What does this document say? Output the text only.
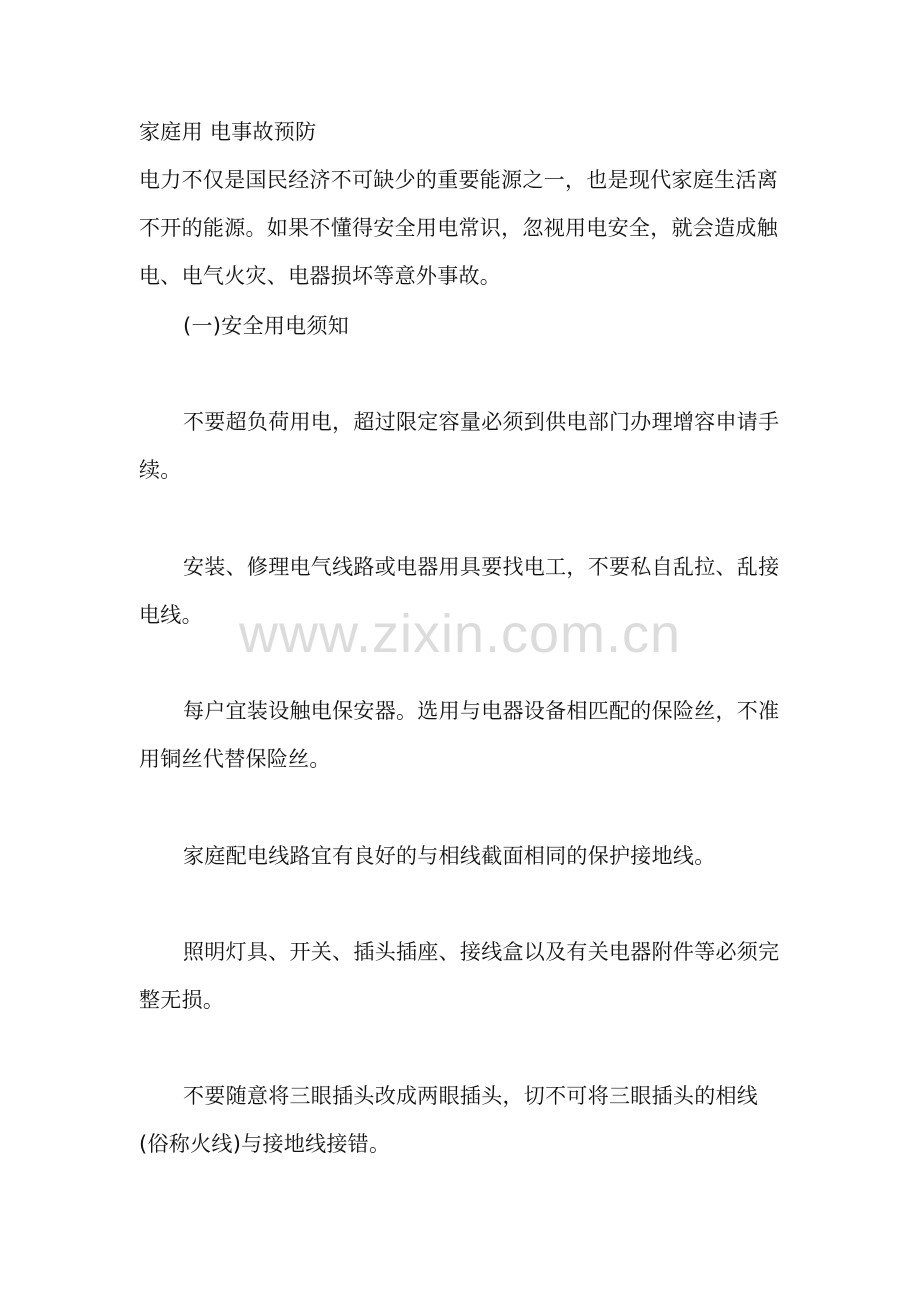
家庭用 电事故预防
电力不仅是国民经济不可缺少的重要能源之一，也是现代家庭生活离
不开的能源。如果不懂得安全用电常识，忽视用电安全，就会造成触
电、电气火灾、电器损坏等意外事故。
(一)安全用电须知
不要超负荷用电，超过限定容量必须到供电部门办理增容申请手
续。
安装、修理电气线路或电器用具要找电工，不要私自乱拉、乱接
电线。
每户宜装设触电保安器。选用与电器设备相匹配的保险丝，不准
用铜丝代替保险丝。
家庭配电线路宜有良好的与相线截面相同的保护接地线。
照明灯具、开关、插头插座、接线盒以及有关电器附件等必须完
整无损。
不要随意将三眼插头改成两眼插头，切不可将三眼插头的相线
(俗称火线)与接地线接错。
www.zixin.com.cn
